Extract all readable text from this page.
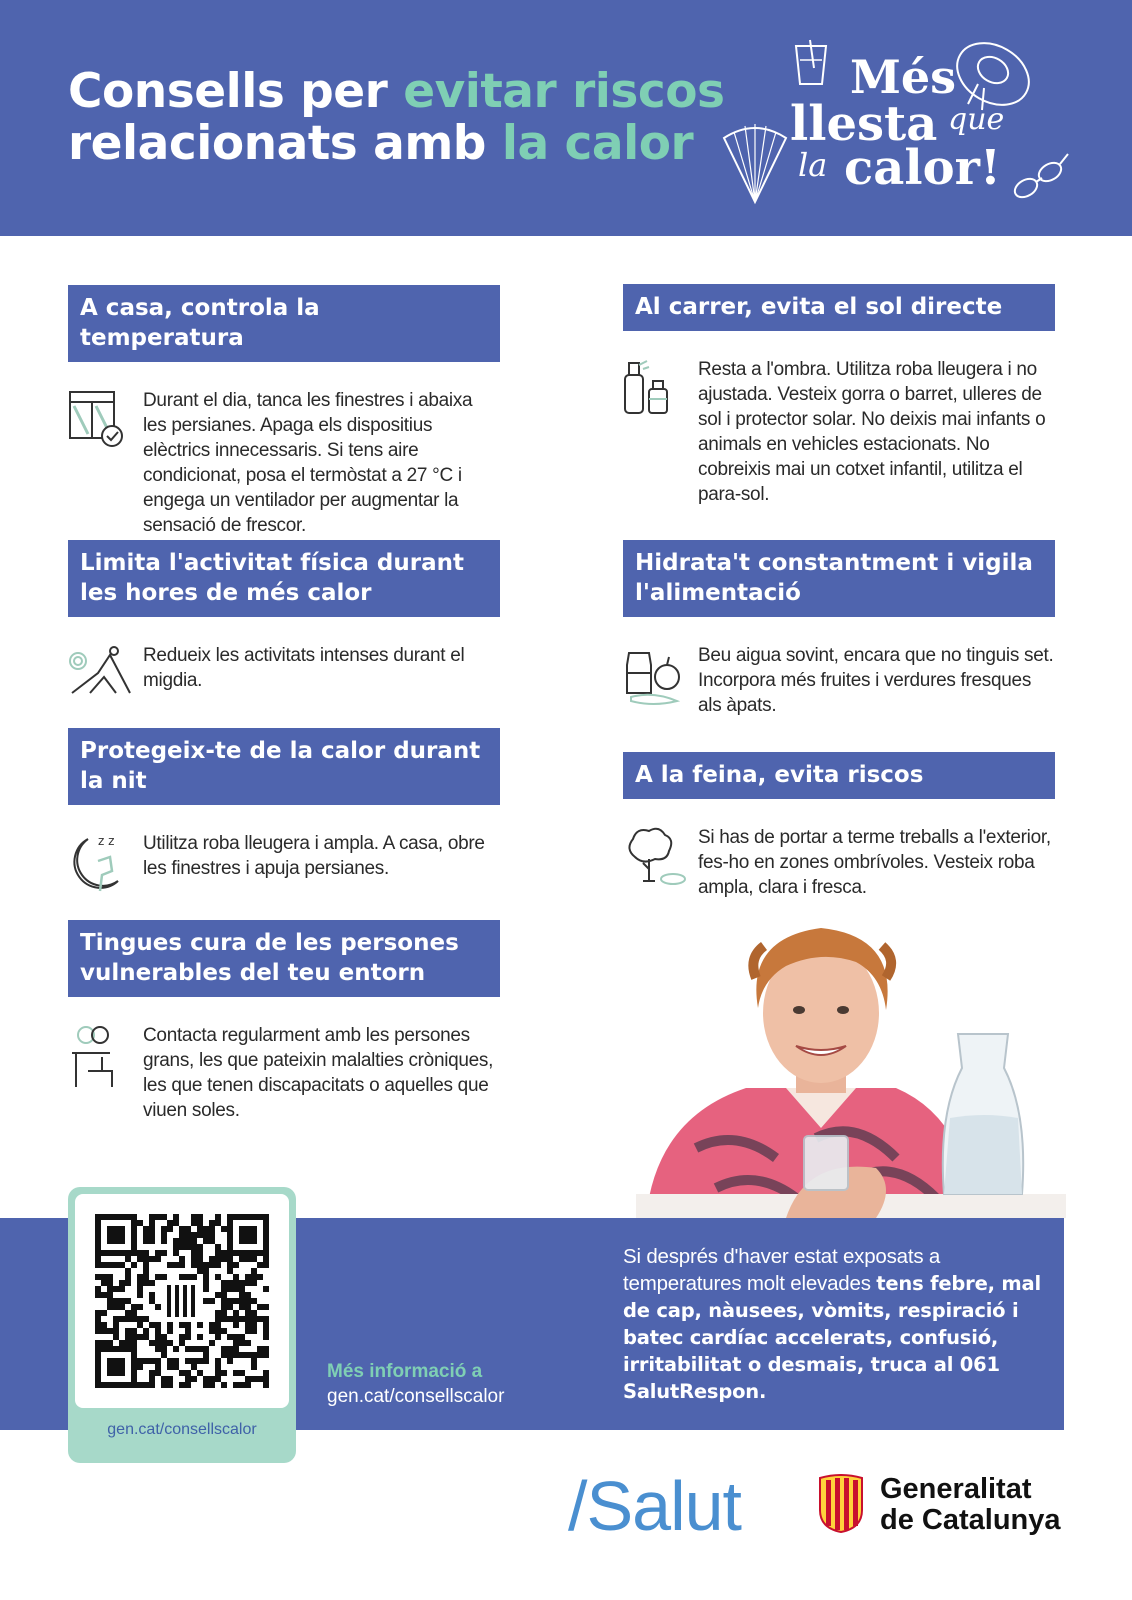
Consells per evitar riscos
relacionats amb la calor
Més
llesta que
la calor!
A casa, controla la temperatura
Durant el dia, tanca les finestres i abaixa les persianes. Apaga els dispositius elèctrics innecessaris. Si tens aire condicionat, posa el termòstat a 27 °C i engega un ventilador per augmentar la sensació de frescor.
Limita l'activitat física durant les hores de més calor
Redueix les activitats intenses durant el migdia.
Protegeix-te de la calor durant la nit
z z Utilitza roba lleugera i ampla. A casa, obre les finestres i apuja persianes.
Tingues cura de les persones vulnerables del teu entorn
Contacta regularment amb les persones grans, les que pateixin malalties cròniques, les que tenen discapacitats o aquelles que viuen soles.
Al carrer, evita el sol directe
Resta a l'ombra. Utilitza roba lleugera i no ajustada. Vesteix gorra o barret, ulleres de sol i protector solar. No deixis mai infants o animals en vehicles estacionats. No cobreixis mai un cotxet infantil, utilitza el para-sol.
Hidrata't constantment i vigila l'alimentació
Beu aigua sovint, encara que no tinguis set. Incorpora més fruites i verdures fresques als àpats.
A la feina, evita riscos
Si has de portar a terme treballs a l'exterior, fes-ho en zones ombrívoles. Vesteix roba ampla, clara i fresca.
gen.cat/consellscalor
Més informació a
gen.cat/consellscalor
Si després d'haver estat exposats a temperatures molt elevades tens febre, mal de cap, nàusees, vòmits, respiració i batec cardíac accelerats, confusió, irritabilitat o desmais, truca al 061 SalutRespon.
/Salut	Generalitat
de Catalunya
